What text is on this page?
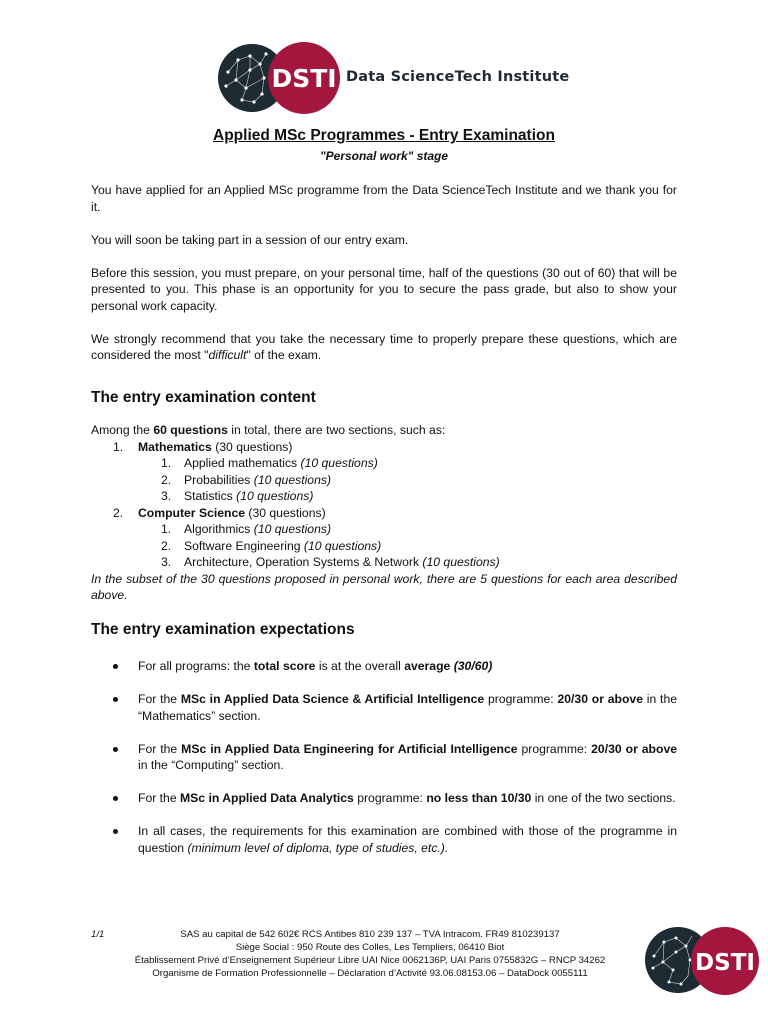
DSTI Data ScienceTech Institute
Applied MSc Programmes - Entry Examination
"Personal work" stage

You have applied for an Applied MSc programme from the Data ScienceTech Institute and we thank you for it.

You will soon be taking part in a session of our entry exam.

Before this session, you must prepare, on your personal time, half of the questions (30 out of 60) that will be presented to you. This phase is an opportunity for you to secure the pass grade, but also to show your personal work capacity.

We strongly recommend that you take the necessary time to properly prepare these questions, which are considered the most "difficult" of the exam.

The entry examination content
Among the 60 questions in total, there are two sections, such as:
1. Mathematics (30 questions)
1. Applied mathematics (10 questions)
2. Probabilities (10 questions)
3. Statistics (10 questions)
2. Computer Science (30 questions)
1. Algorithmics (10 questions)
2. Software Engineering (10 questions)
3. Architecture, Operation Systems & Network (10 questions)

In the subset of the 30 questions proposed in personal work, there are 5 questions for each area described above.

The entry examination expectations
For all programs: the total score is at the overall average (30/60)
For the MSc in Applied Data Science & Artificial Intelligence programme: 20/30 or above in the “Mathematics” section.
For the MSc in Applied Data Engineering for Artificial Intelligence programme: 20/30 or above in the “Computing” section.
For the MSc in Applied Data Analytics programme: no less than 10/30 in one of the two sections.
In all cases, the requirements for this examination are combined with those of the programme in question (minimum level of diploma, type of studies, etc.).
1/1	SAS au capital de 542 602€ RCS Antibes 810 239 137 – TVA Intracom. FR49 810239137
Siège Social : 950 Route des Colles, Les Templiers, 06410 Biot
Établissement Privé d’Enseignement Supérieur Libre UAI Nice 0062136P, UAI Paris 0755832G – RNCP 34262
Organisme de Formation Professionnelle – Déclaration d’Activité 93.06.08153.06 – DataDock 0055111	DSTI
